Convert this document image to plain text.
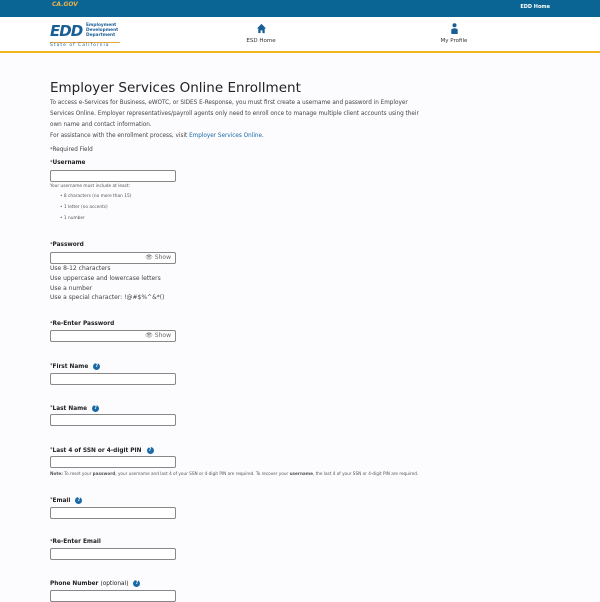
CA.GOV	EDD Home
EDD Employment
Development
Department
State of California
ESD Home	My Profile
Employer Services Online Enrollment
To access e-Services for Business, eWOTC, or SIDES E-Response, you must first create a username and password in Employer Services Online. Employer representatives/payroll agents only need to enroll once to manage multiple client accounts using their own name and contact information.
For assistance with the enrollment process, visit Employer Services Online.
*Required Field
*Username
Your username must include at least:
• 8 characters (no more than 15)
• 1 letter (no accents)
• 1 number
*Password
👁 Show
Use 8-12 characters
Use uppercase and lowercase letters
Use a number
Use a special character: !@#$%^&*()
*Re-Enter Password
👁 Show
*First Name ?
*Last Name ?
*Last 4 of SSN or 4-digit PIN ?
Note: To reset your password, your username and last 4 of your SSN or 4-digit PIN are required. To recover your username, the last 4 of your SSN or 4-digit PIN are required.
*Email ?
*Re-Enter Email
Phone Number (optional) ?
